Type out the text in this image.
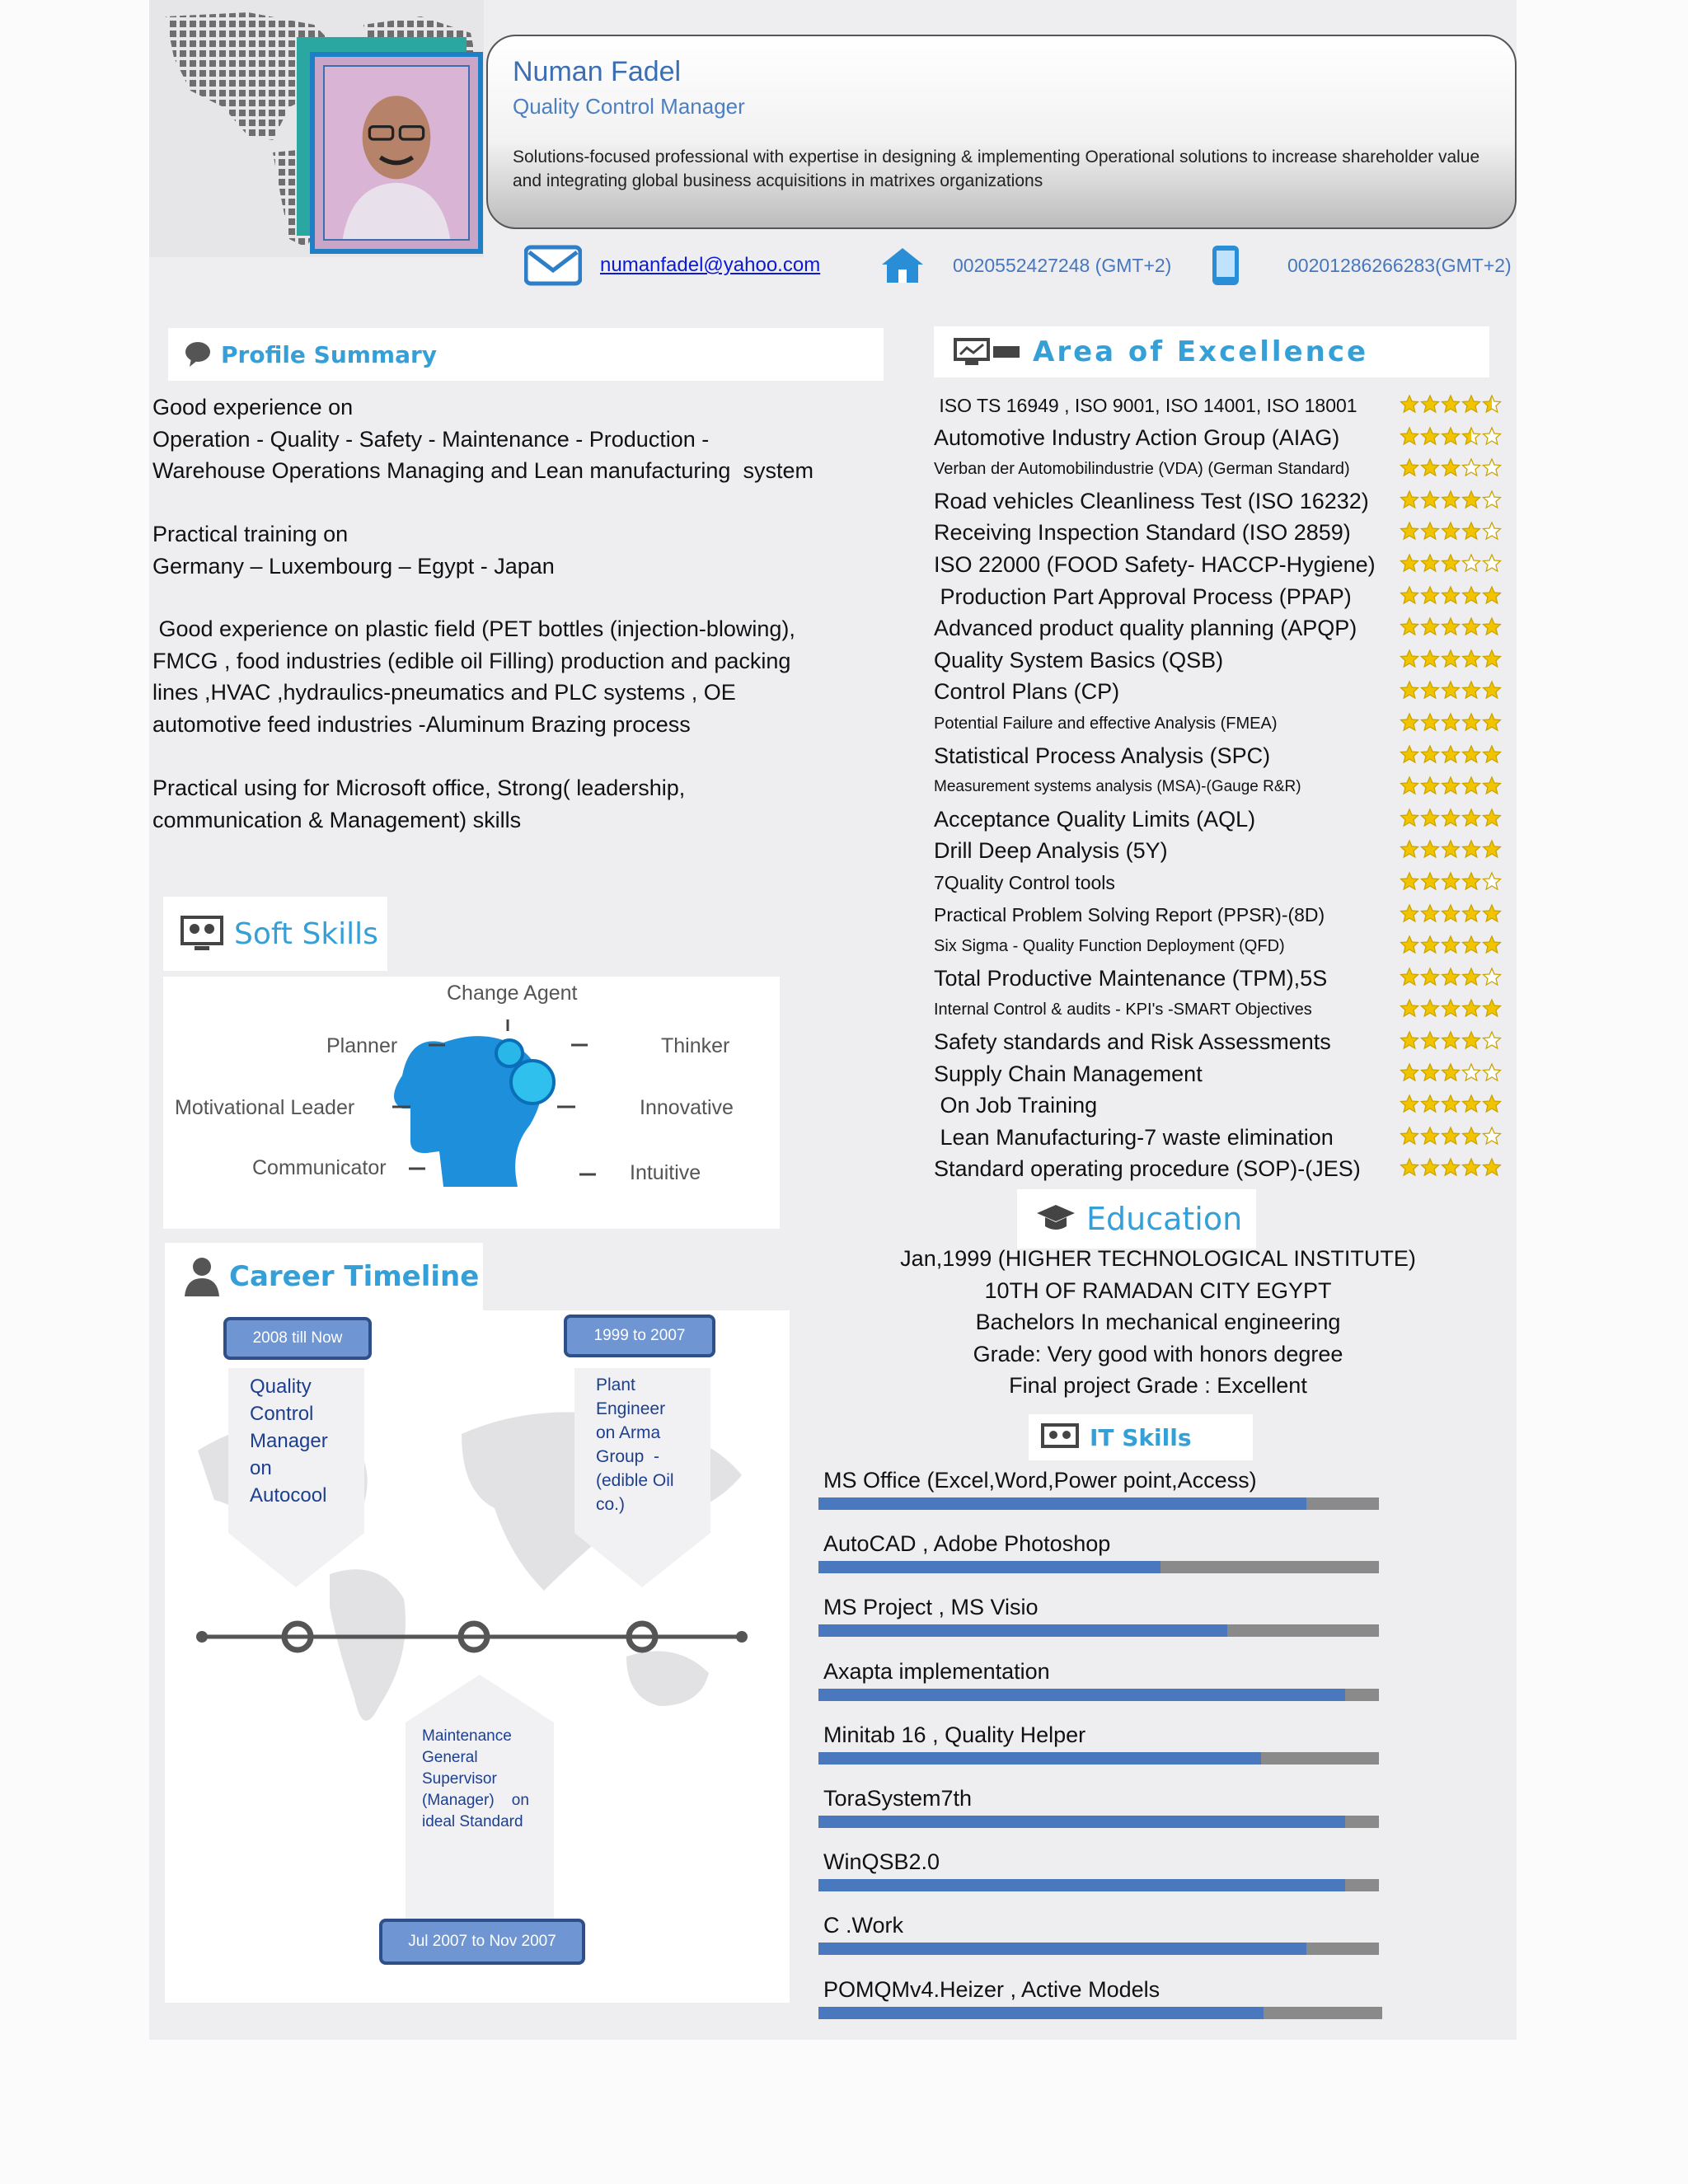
Numan Fadel
Quality Control Manager
Solutions-focused professional with expertise in designing & implementing Operational solutions to increase shareholder value and integrating global business acquisitions in matrixes organizations
numanfadel@yahoo.com	0020552427248 (GMT+2)	00201286266283(GMT+2)
Profile Summary
Good experience on
Operation - Quality - Safety - Maintenance - Production -
Warehouse Operations Managing and Lean manufacturing  system
Practical training on
Germany – Luxembourg – Egypt - Japan
Good experience on plastic field (PET bottles (injection-blowing),
FMCG , food industries (edible oil Filling) production and packing
lines ,HVAC ,hydraulics-pneumatics and PLC systems , OE
automotive feed industries -Aluminum Brazing process
Practical using for Microsoft office, Strong( leadership,
communication & Management) skills
Area of Excellence
ISO TS 16949 , ISO 9001, ISO 14001, ISO 18001
Automotive Industry Action Group (AIAG)
Verban der Automobilindustrie (VDA) (German Standard)
Road vehicles Cleanliness Test (ISO 16232)
Receiving Inspection Standard (ISO 2859)
ISO 22000 (FOOD Safety- HACCP-Hygiene)
Production Part Approval Process (PPAP)
Advanced product quality planning (APQP)
Quality System Basics (QSB)
Control Plans (CP)
Potential Failure and effective Analysis (FMEA)
Statistical Process Analysis (SPC)
Measurement systems analysis (MSA)-(Gauge R&R)
Acceptance Quality Limits (AQL)
Drill Deep Analysis (5Y)
7Quality Control tools
Practical Problem Solving Report (PPSR)-(8D)
Six Sigma - Quality Function Deployment (QFD)
Total Productive Maintenance (TPM),5S
Internal Control & audits - KPI's -SMART Objectives
Safety standards and Risk Assessments
Supply Chain Management
On Job Training
Lean Manufacturing-7 waste elimination
Standard operating procedure (SOP)-(JES)
Soft Skills
Change Agent
Planner
Motivational Leader
Communicator
Thinker
Innovative
Intuitive
Career Timeline
Quality
Control
Manager
on
Autocool
2008 till Now
Plant
Engineer
on Arma
Group  -
(edible Oil
co.)
1999 to 2007
Maintenance
General
Supervisor
(Manager)    on
ideal Standard
Jul 2007 to Nov 2007
Education
Jan,1999 (HIGHER TECHNOLOGICAL INSTITUTE)
10TH OF RAMADAN CITY EGYPT
Bachelors In mechanical engineering
Grade: Very good with honors degree
Final project Grade : Excellent
IT Skills
MS Office (Excel,Word,Power point,Access)
AutoCAD , Adobe Photoshop
MS Project , MS Visio
Axapta implementation
Minitab 16 , Quality Helper
ToraSystem7th
WinQSB2.0
C .Work
POMQMv4.Heizer , Active Models
